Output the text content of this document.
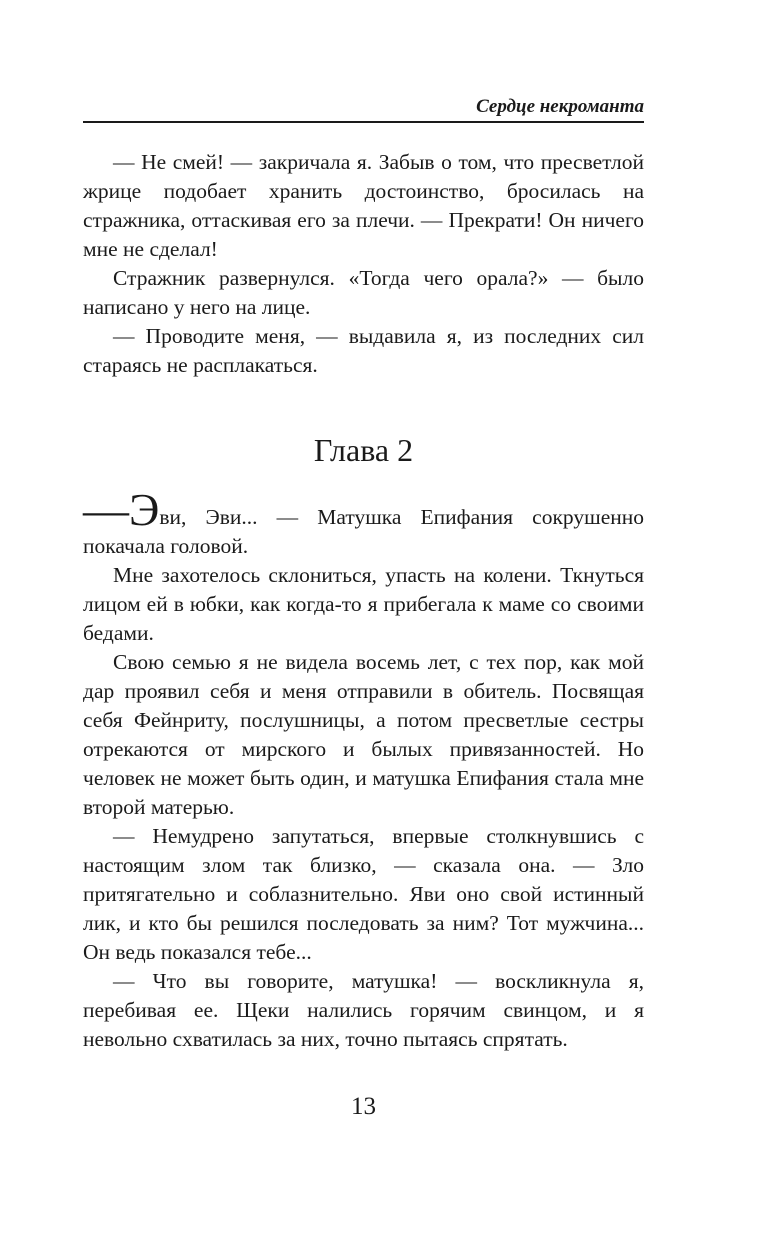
Сердце некроманта

— Не смей! — закричала я. Забыв о том, что пресветлой жрице подобает хранить достоинство, бросилась на стражника, оттаскивая его за плечи. — Прекрати! Он ничего мне не сделал!

Стражник развернулся. «Тогда чего орала?» — было написано у него на лице.

— Проводите меня, — выдавила я, из последних сил стараясь не расплакаться.

Глава 2

—Эви, Эви... — Матушка Епифания сокрушенно покачала головой.

Мне захотелось склониться, упасть на колени. Ткнуться лицом ей в юбки, как когда-то я прибегала к маме со своими бедами.

Свою семью я не видела восемь лет, с тех пор, как мой дар проявил себя и меня отправили в обитель. Посвящая себя Фейнриту, послушницы, а потом пресветлые сестры отрекаются от мирского и былых привязанностей. Но человек не может быть один, и матушка Епифания стала мне второй матерью.

— Немудрено запутаться, впервые столкнувшись с настоящим злом так близко, — сказала она. — Зло притягательно и соблазнительно. Яви оно свой истинный лик, и кто бы решился последовать за ним? Тот мужчина... Он ведь показался тебе...

— Что вы говорите, матушка! — воскликнула я, перебивая ее. Щеки налились горячим свинцом, и я невольно схватилась за них, точно пытаясь спрятать.

13
